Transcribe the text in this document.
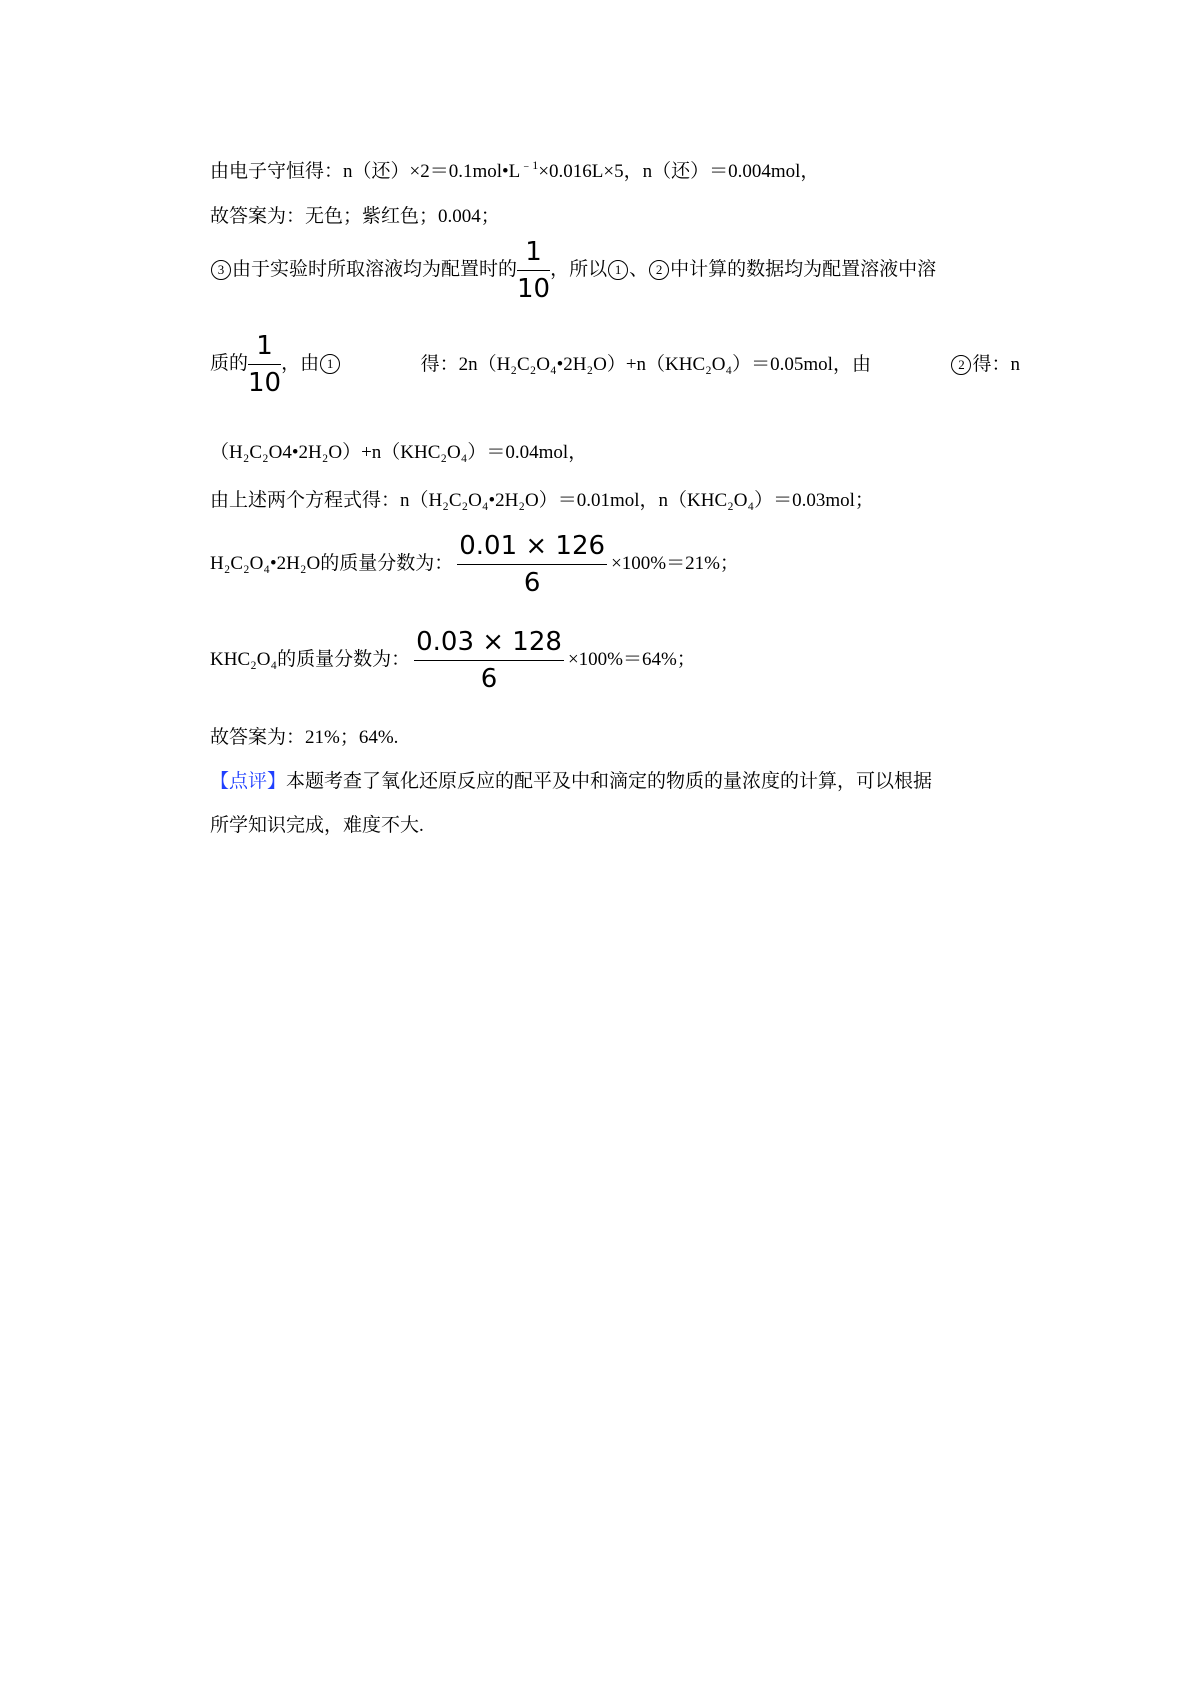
由电子守恒得：n（还）$\times 2=0.1mol•L^{﹣1}\times 0.016L\times 5$，n（还）＝0.004mol，
故答案为：无色；紫红色；0.004；
3 由于实验时所取溶液均为配置时的 $\frac{1}{10}$ ，所以 1 、 2 中计算的数据均为配置溶液中溶
质的 $\frac{1}{10}$ ，由 1	得：2n（H₂C₂O₄•2H₂O）+n（KHC₂O₄）＝0.05mol，由	2 得：n
（H₂C₂O4•2H₂O）+n（KHC₂O₄）＝0.04mol，
由上述两个方程式得：n（H₂C₂O₄•2H₂O）＝0.01mol，n（KHC₂O₄）＝0.03mol；
H₂C₂O₄•2H₂O的质量分数为： $\frac{0.01 \times 126}{6} \times 100\%=21\%$；
KHC₂O₄的质量分数为： $\frac{0.03 \times 128}{6} \times 100\%=64\%$；
故答案为：21%；64%.
【点评】本题考查了氧化还原反应的配平及中和滴定的物质的量浓度的计算，可以根据
所学知识完成，难度不大.
